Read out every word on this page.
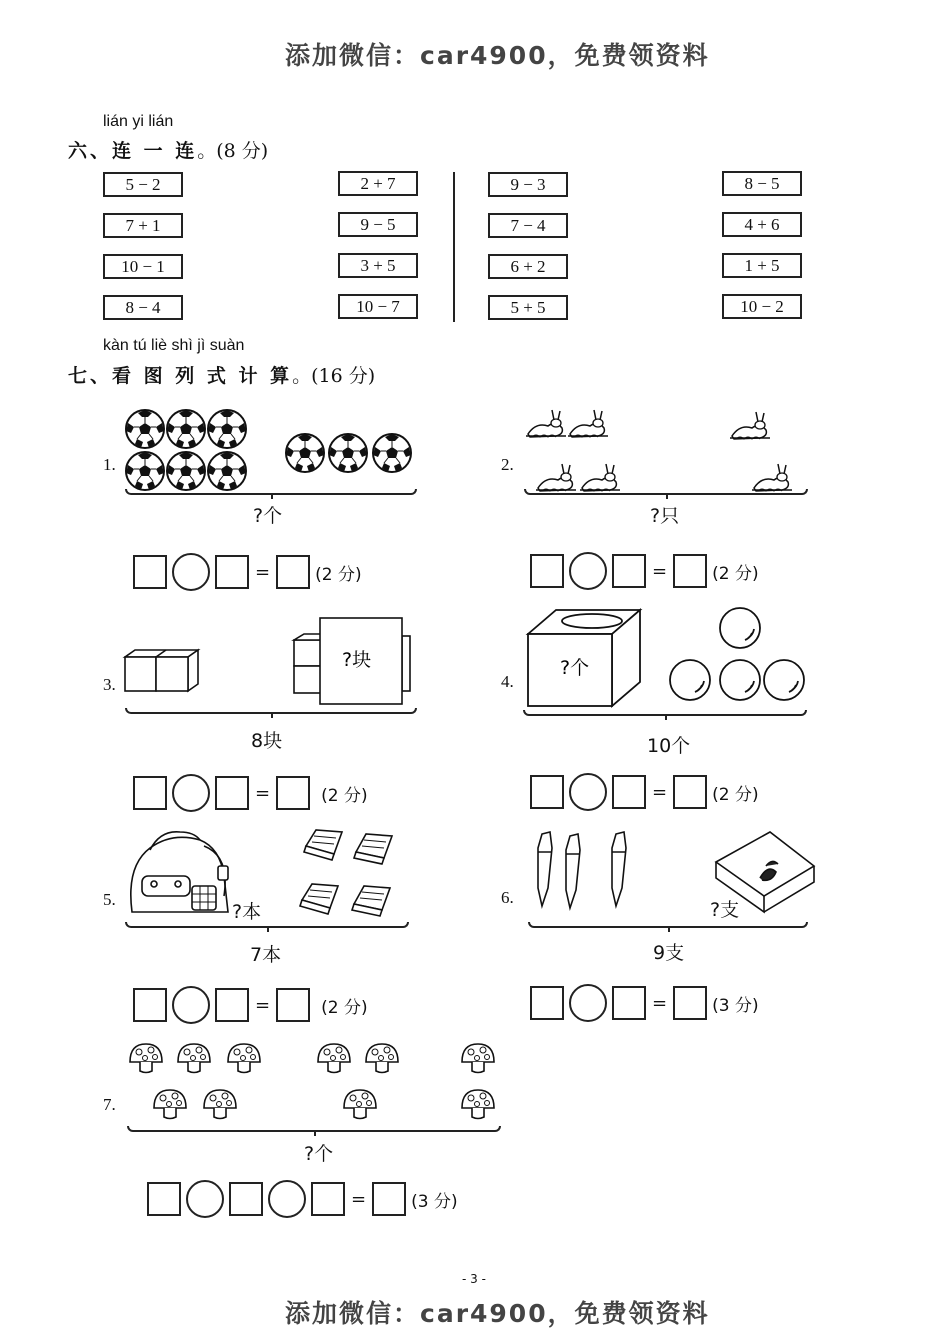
添加微信：car4900，免费领资料
lián yi lián
六、连 一 连。(8 分)
5 − 2
7 + 1
10 − 1
8 − 4
2 + 7
9 − 5
3 + 5
10 − 7
9 − 3
7 − 4
6 + 2
5 + 5
8 − 5
4 + 6
1 + 5
10 − 2
kàn tú liè shì jì suàn
七、看 图 列 式 计 算。(16 分)
1.
?个
=	(2 分)
2.
?只
=	(2 分)
3.
?块
8块
=	(2 分)
4.
?个
10个
=	(2 分)
5.
?本
7本
=	(2 分)
6.
?支
9支
=	(3 分)
7.
?个
=	(3 分)
- 3 -
添加微信：car4900，免费领资料
